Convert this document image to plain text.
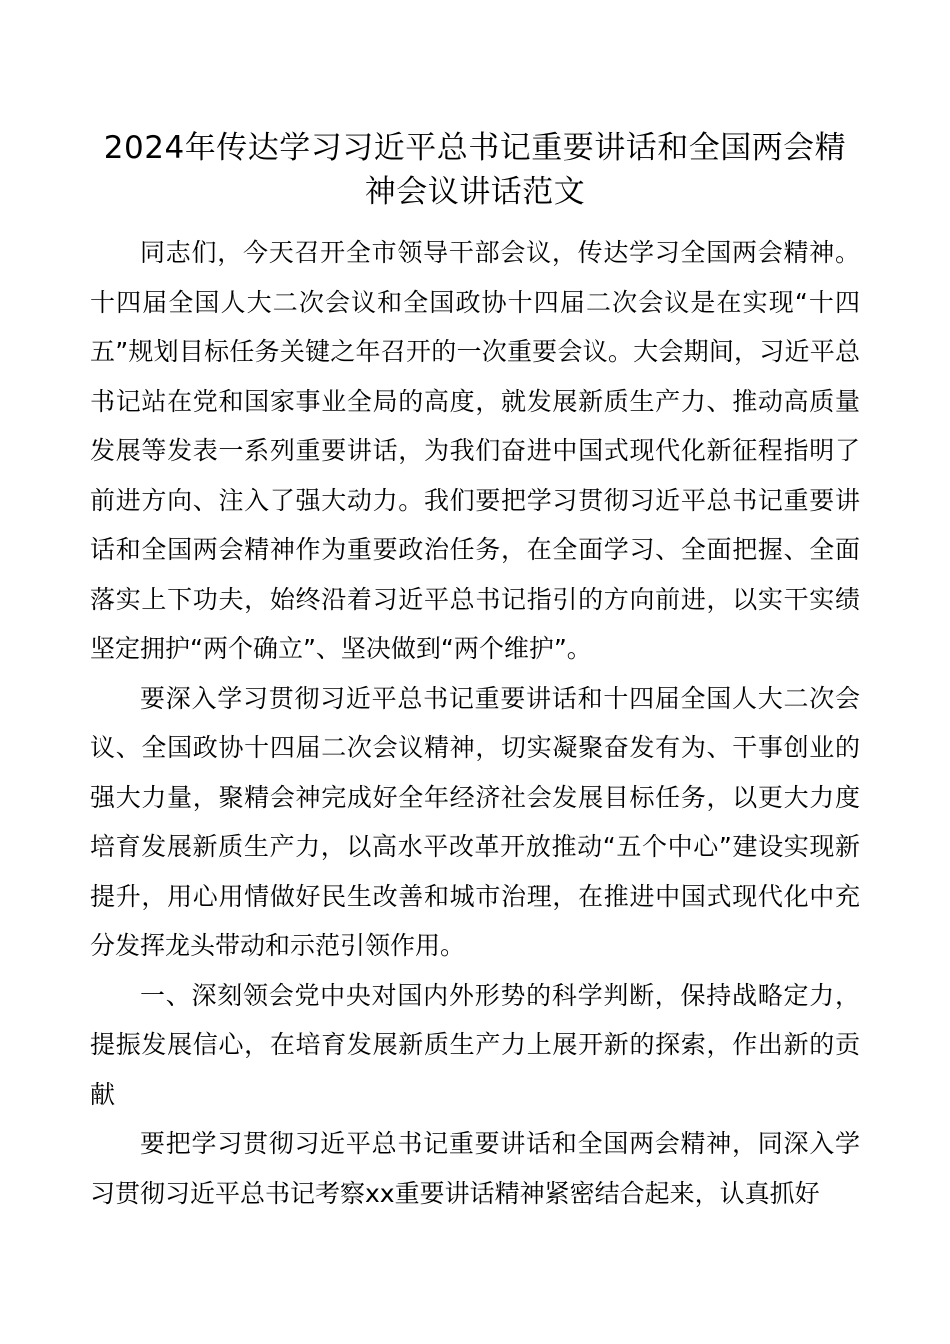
2024年传达学习习近平总书记重要讲话和全国两会精神会议讲话范文

同志们，今天召开全市领导干部会议，传达学习全国两会精神。十四届全国人大二次会议和全国政协十四届二次会议是在实现“十四五”规划目标任务关键之年召开的一次重要会议。大会期间，习近平总书记站在党和国家事业全局的高度，就发展新质生产力、推动高质量发展等发表一系列重要讲话，为我们奋进中国式现代化新征程指明了前进方向、注入了强大动力。我们要把学习贯彻习近平总书记重要讲话和全国两会精神作为重要政治任务，在全面学习、全面把握、全面落实上下功夫，始终沿着习近平总书记指引的方向前进，以实干实绩坚定拥护“两个确立”、坚决做到“两个维护”。

要深入学习贯彻习近平总书记重要讲话和十四届全国人大二次会议、全国政协十四届二次会议精神，切实凝聚奋发有为、干事创业的强大力量，聚精会神完成好全年经济社会发展目标任务，以更大力度培育发展新质生产力，以高水平改革开放推动“五个中心”建设实现新提升，用心用情做好民生改善和城市治理，在推进中国式现代化中充分发挥龙头带动和示范引领作用。

一、深刻领会党中央对国内外形势的科学判断，保持战略定力，提振发展信心，在培育发展新质生产力上展开新的探索，作出新的贡献

要把学习贯彻习近平总书记重要讲话和全国两会精神，同深入学习贯彻习近平总书记考察xx重要讲话精神紧密结合起来，认真抓好
